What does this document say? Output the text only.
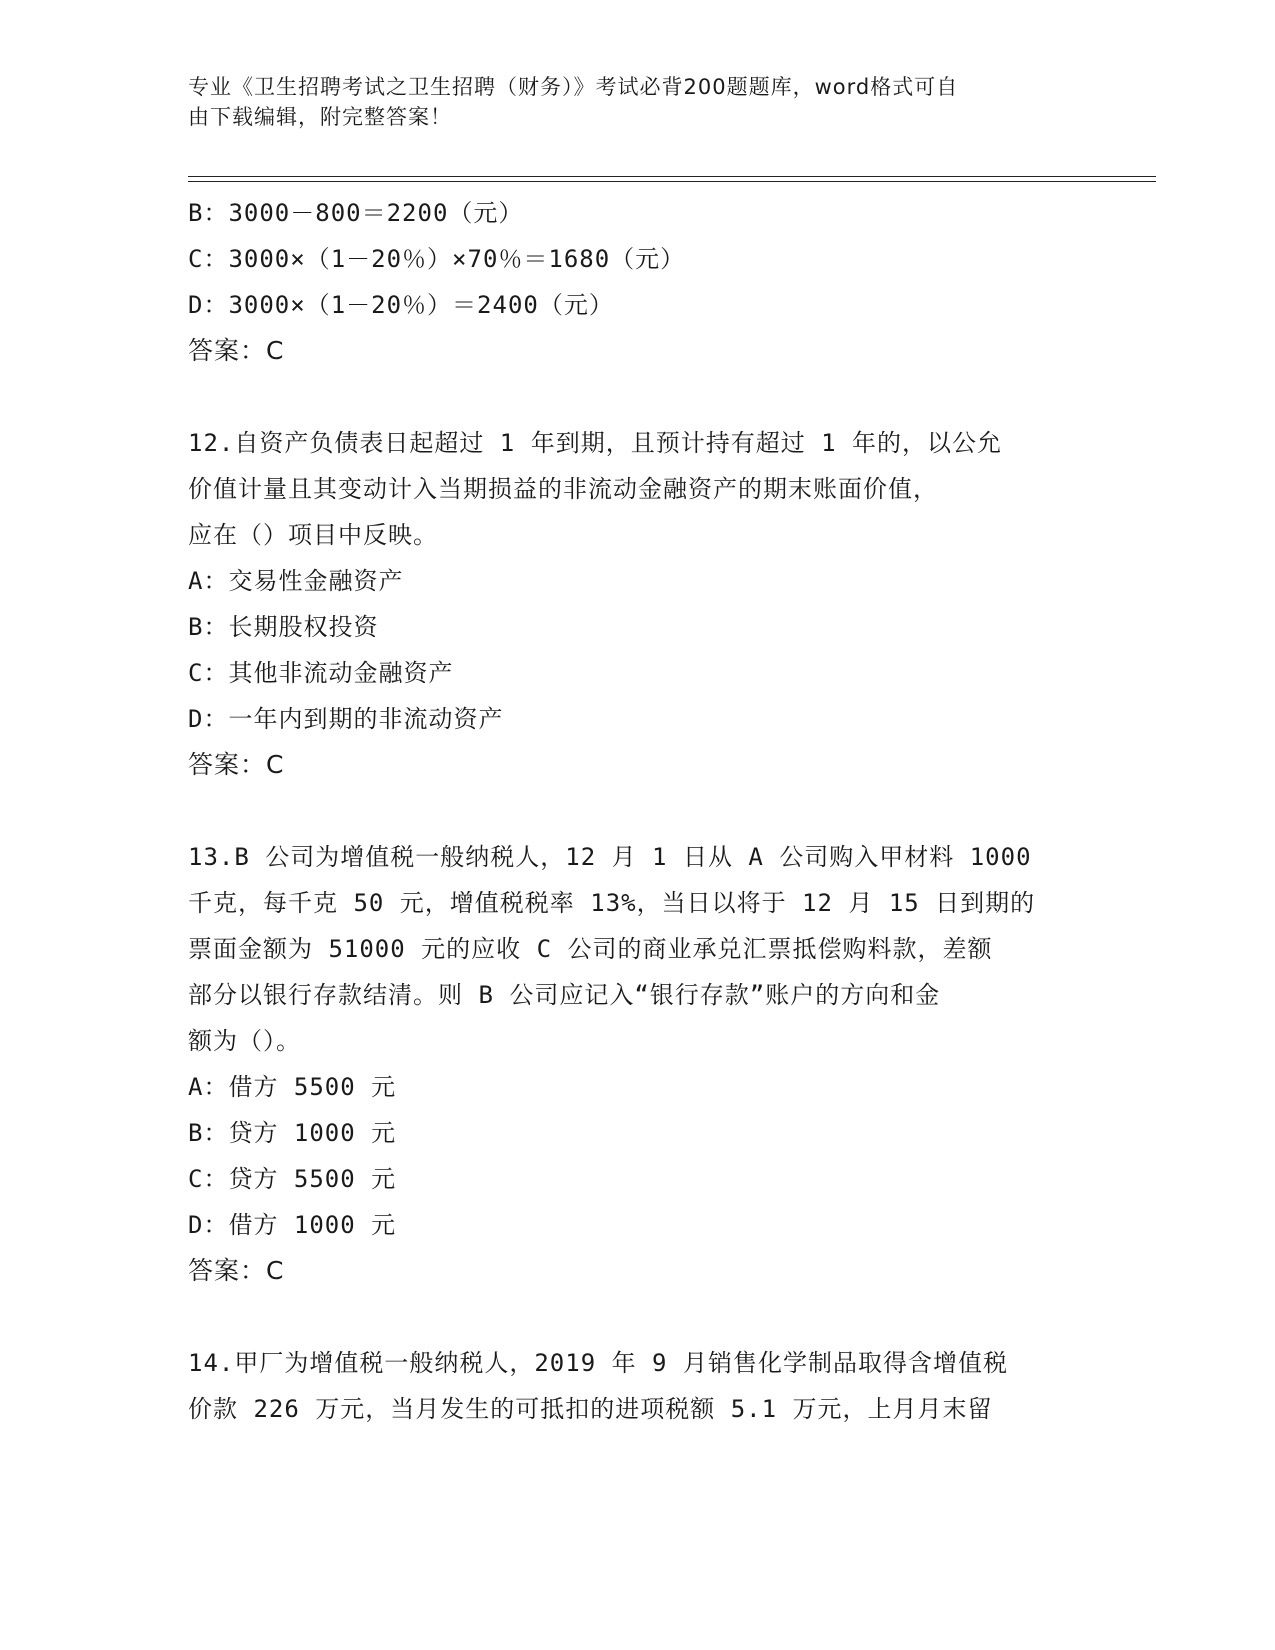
专业《卫生招聘考试之卫生招聘（财务）》考试必背200题题库，word格式可自
由下载编辑，附完整答案！
B：3000－800＝2200（元）
C：3000×（1－20％）×70％＝1680（元）
D：3000×（1－20％）＝2400（元）
答案：C
12.自资产负债表日起超过 1 年到期，且预计持有超过 1 年的，以公允
价值计量且其变动计入当期损益的非流动金融资产的期末账面价值，
应在（）项目中反映。
A：交易性金融资产
B：长期股权投资
C：其他非流动金融资产
D：一年内到期的非流动资产
答案：C
13.B 公司为增值税一般纳税人，12 月 1 日从 A 公司购入甲材料 1000
千克，每千克 50 元，增值税税率 13%，当日以将于 12 月 15 日到期的
票面金额为 51000 元的应收 C 公司的商业承兑汇票抵偿购料款，差额
部分以银行存款结清。则 B 公司应记入“银行存款”账户的方向和金
额为（）。
A：借方 5500 元
B：贷方 1000 元
C：贷方 5500 元
D：借方 1000 元
答案：C
14.甲厂为增值税一般纳税人，2019 年 9 月销售化学制品取得含增值税
价款 226 万元，当月发生的可抵扣的进项税额 5.1 万元，上月月末留
